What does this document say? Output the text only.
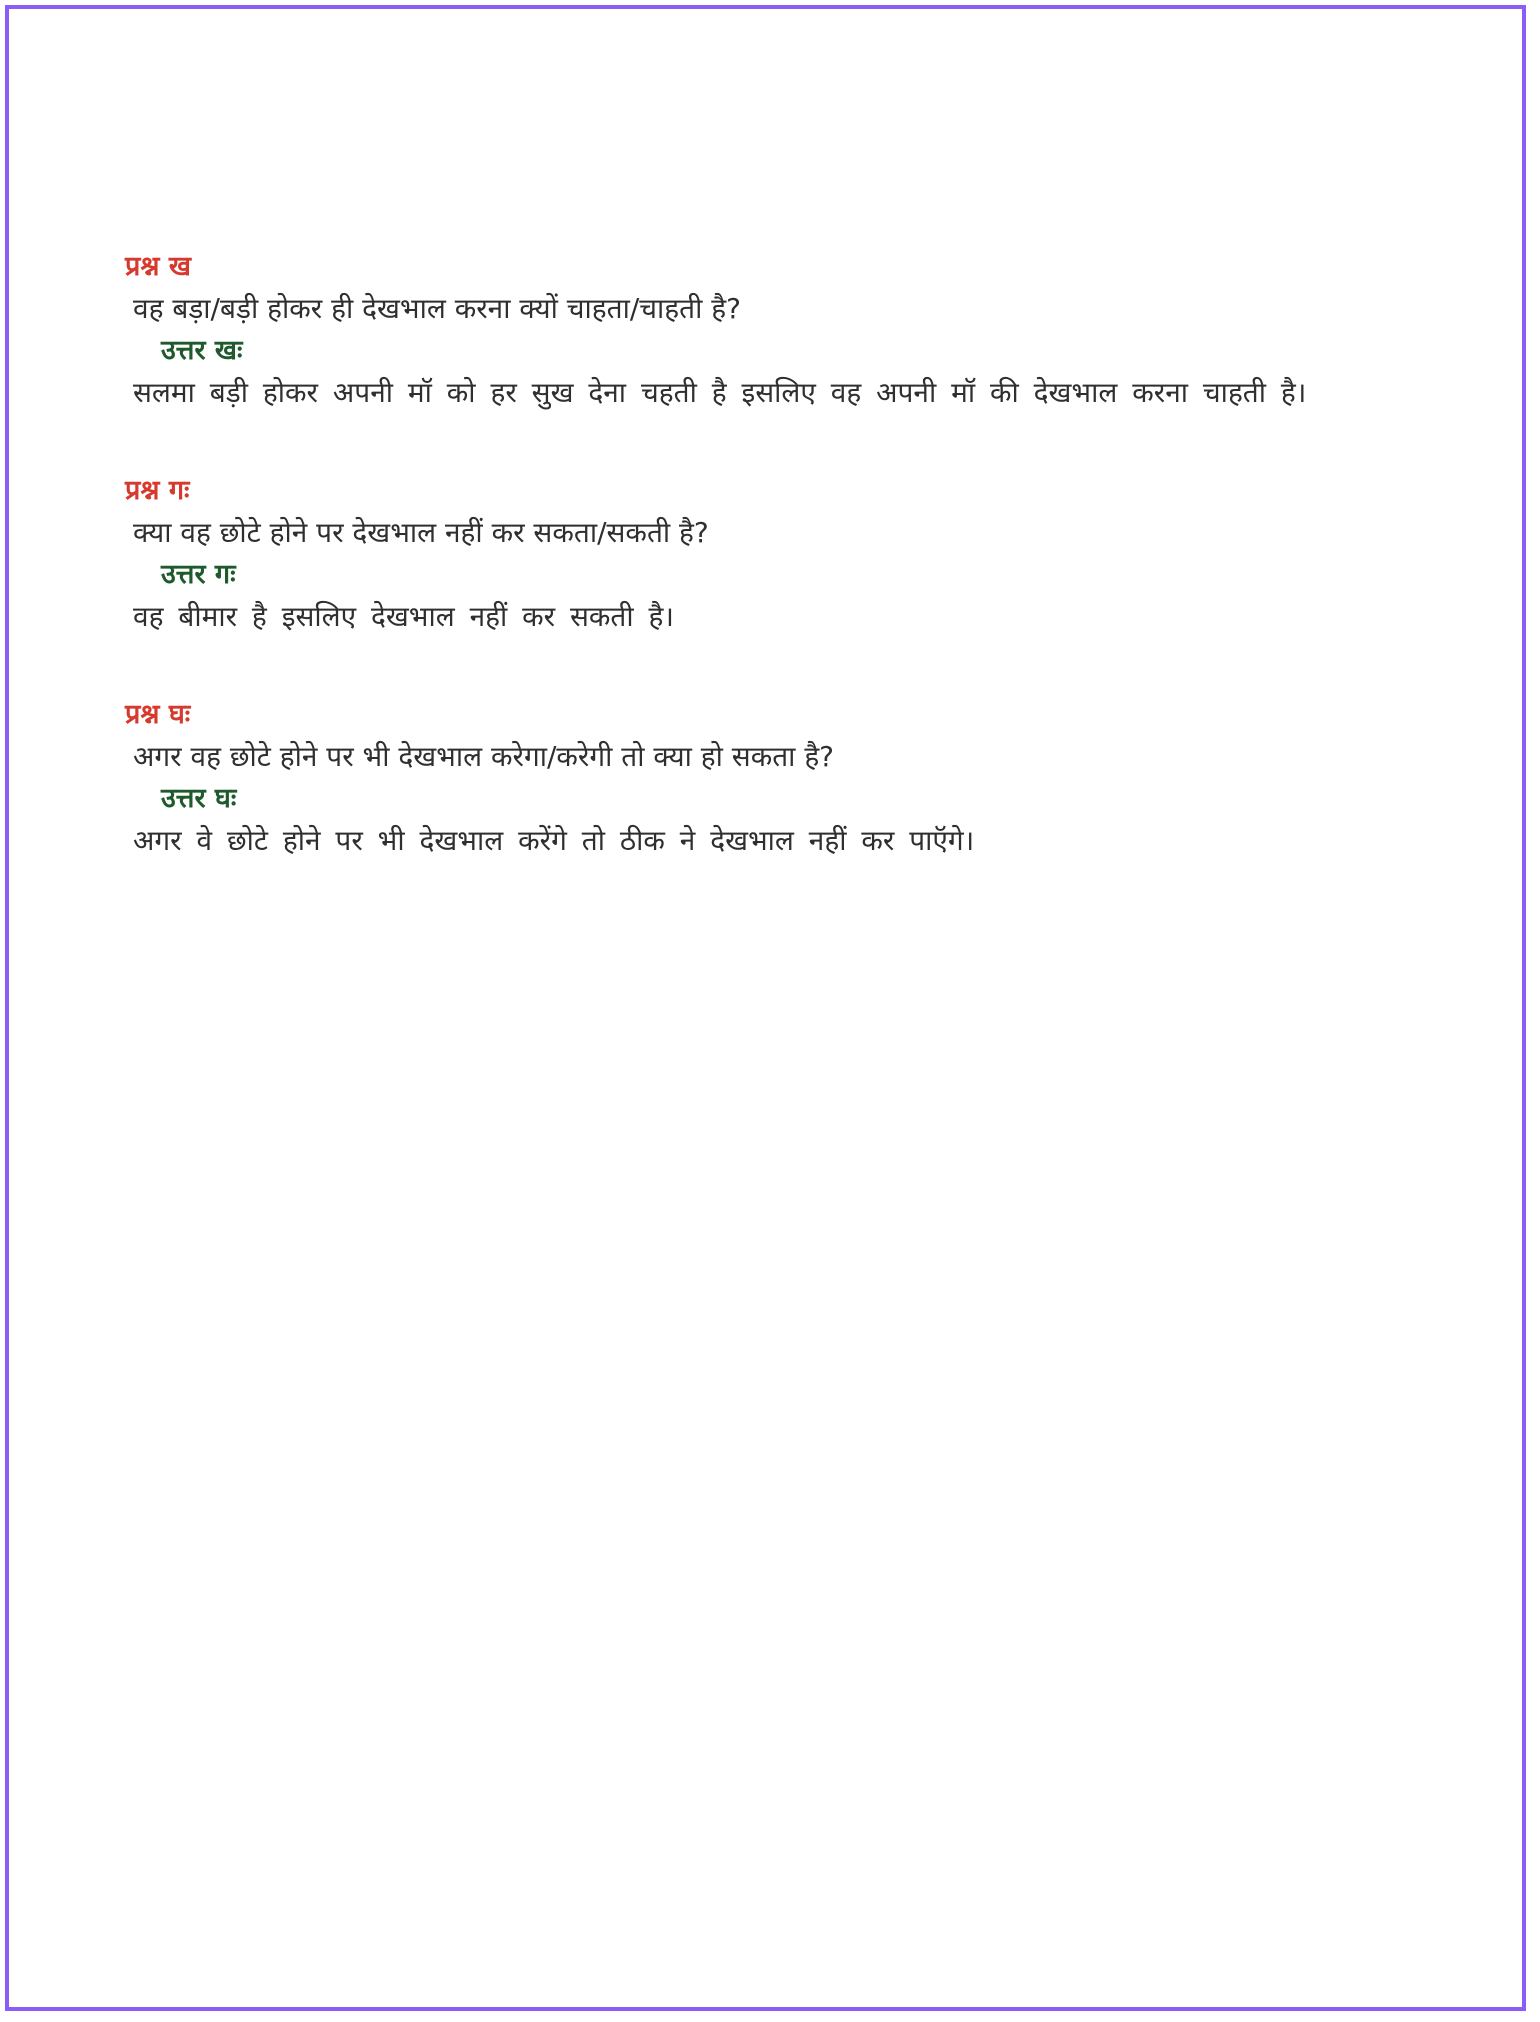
प्रश्न ख
वह बड़ा/बड़ी होकर ही देखभाल करना क्यों चाहता/चाहती है?
उत्तर खः
सलमा बड़ी होकर अपनी मॉ को हर सुख देना चहती है इसलिए वह अपनी मॉ की देखभाल करना चाहती है।
प्रश्न गः
क्या वह छोटे होने पर देखभाल नहीं कर सकता/सकती है?
उत्तर गः
वह बीमार है इसलिए देखभाल नहीं कर सकती है।
प्रश्न घः
अगर वह छोटे होने पर भी देखभाल करेगा/करेगी तो क्या हो सकता है?
उत्तर घः
अगर वे छोटे होने पर भी देखभाल करेंगे तो ठीक ने देखभाल नहीं कर पाऍगे।
